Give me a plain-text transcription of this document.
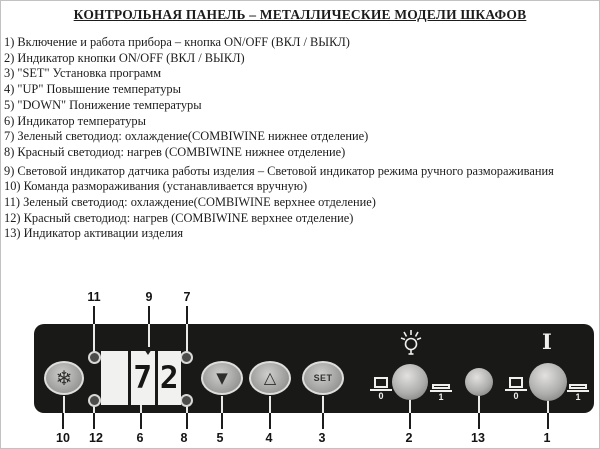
КОНТРОЛЬНАЯ ПАНЕЛЬ – МЕТАЛЛИЧЕСКИЕ МОДЕЛИ ШКАФОВ
1) Включение и работа прибора – кнопка ON/OFF (ВКЛ / ВЫКЛ)
2) Индикатор кнопки ON/OFF (ВКЛ / ВЫКЛ)
3) "SET" Установка программ
4) "UP" Повышение температуры
5) "DOWN" Понижение температуры
6) Индикатор температуры
7) Зеленый светодиод: охлаждение(COMBIWINE нижнее отделение)
8) Красный светодиод: нагрев (COMBIWINE нижнее отделение)
9) Световой индикатор датчика работы изделия – Световой индикатор режима ручного размораживания
10) Команда размораживания (устанавливается вручную)
11) Зеленый светодиод: охлаждение(COMBIWINE верхнее отделение)
12) Красный светодиод: нагрев (COMBIWINE верхнее отделение)
13) Индикатор активации изделия
11	9	7
❄ 7 2	▼ △	SET
0	1
I
0	1
10	12	6	8	5	4	3	2	13	1
